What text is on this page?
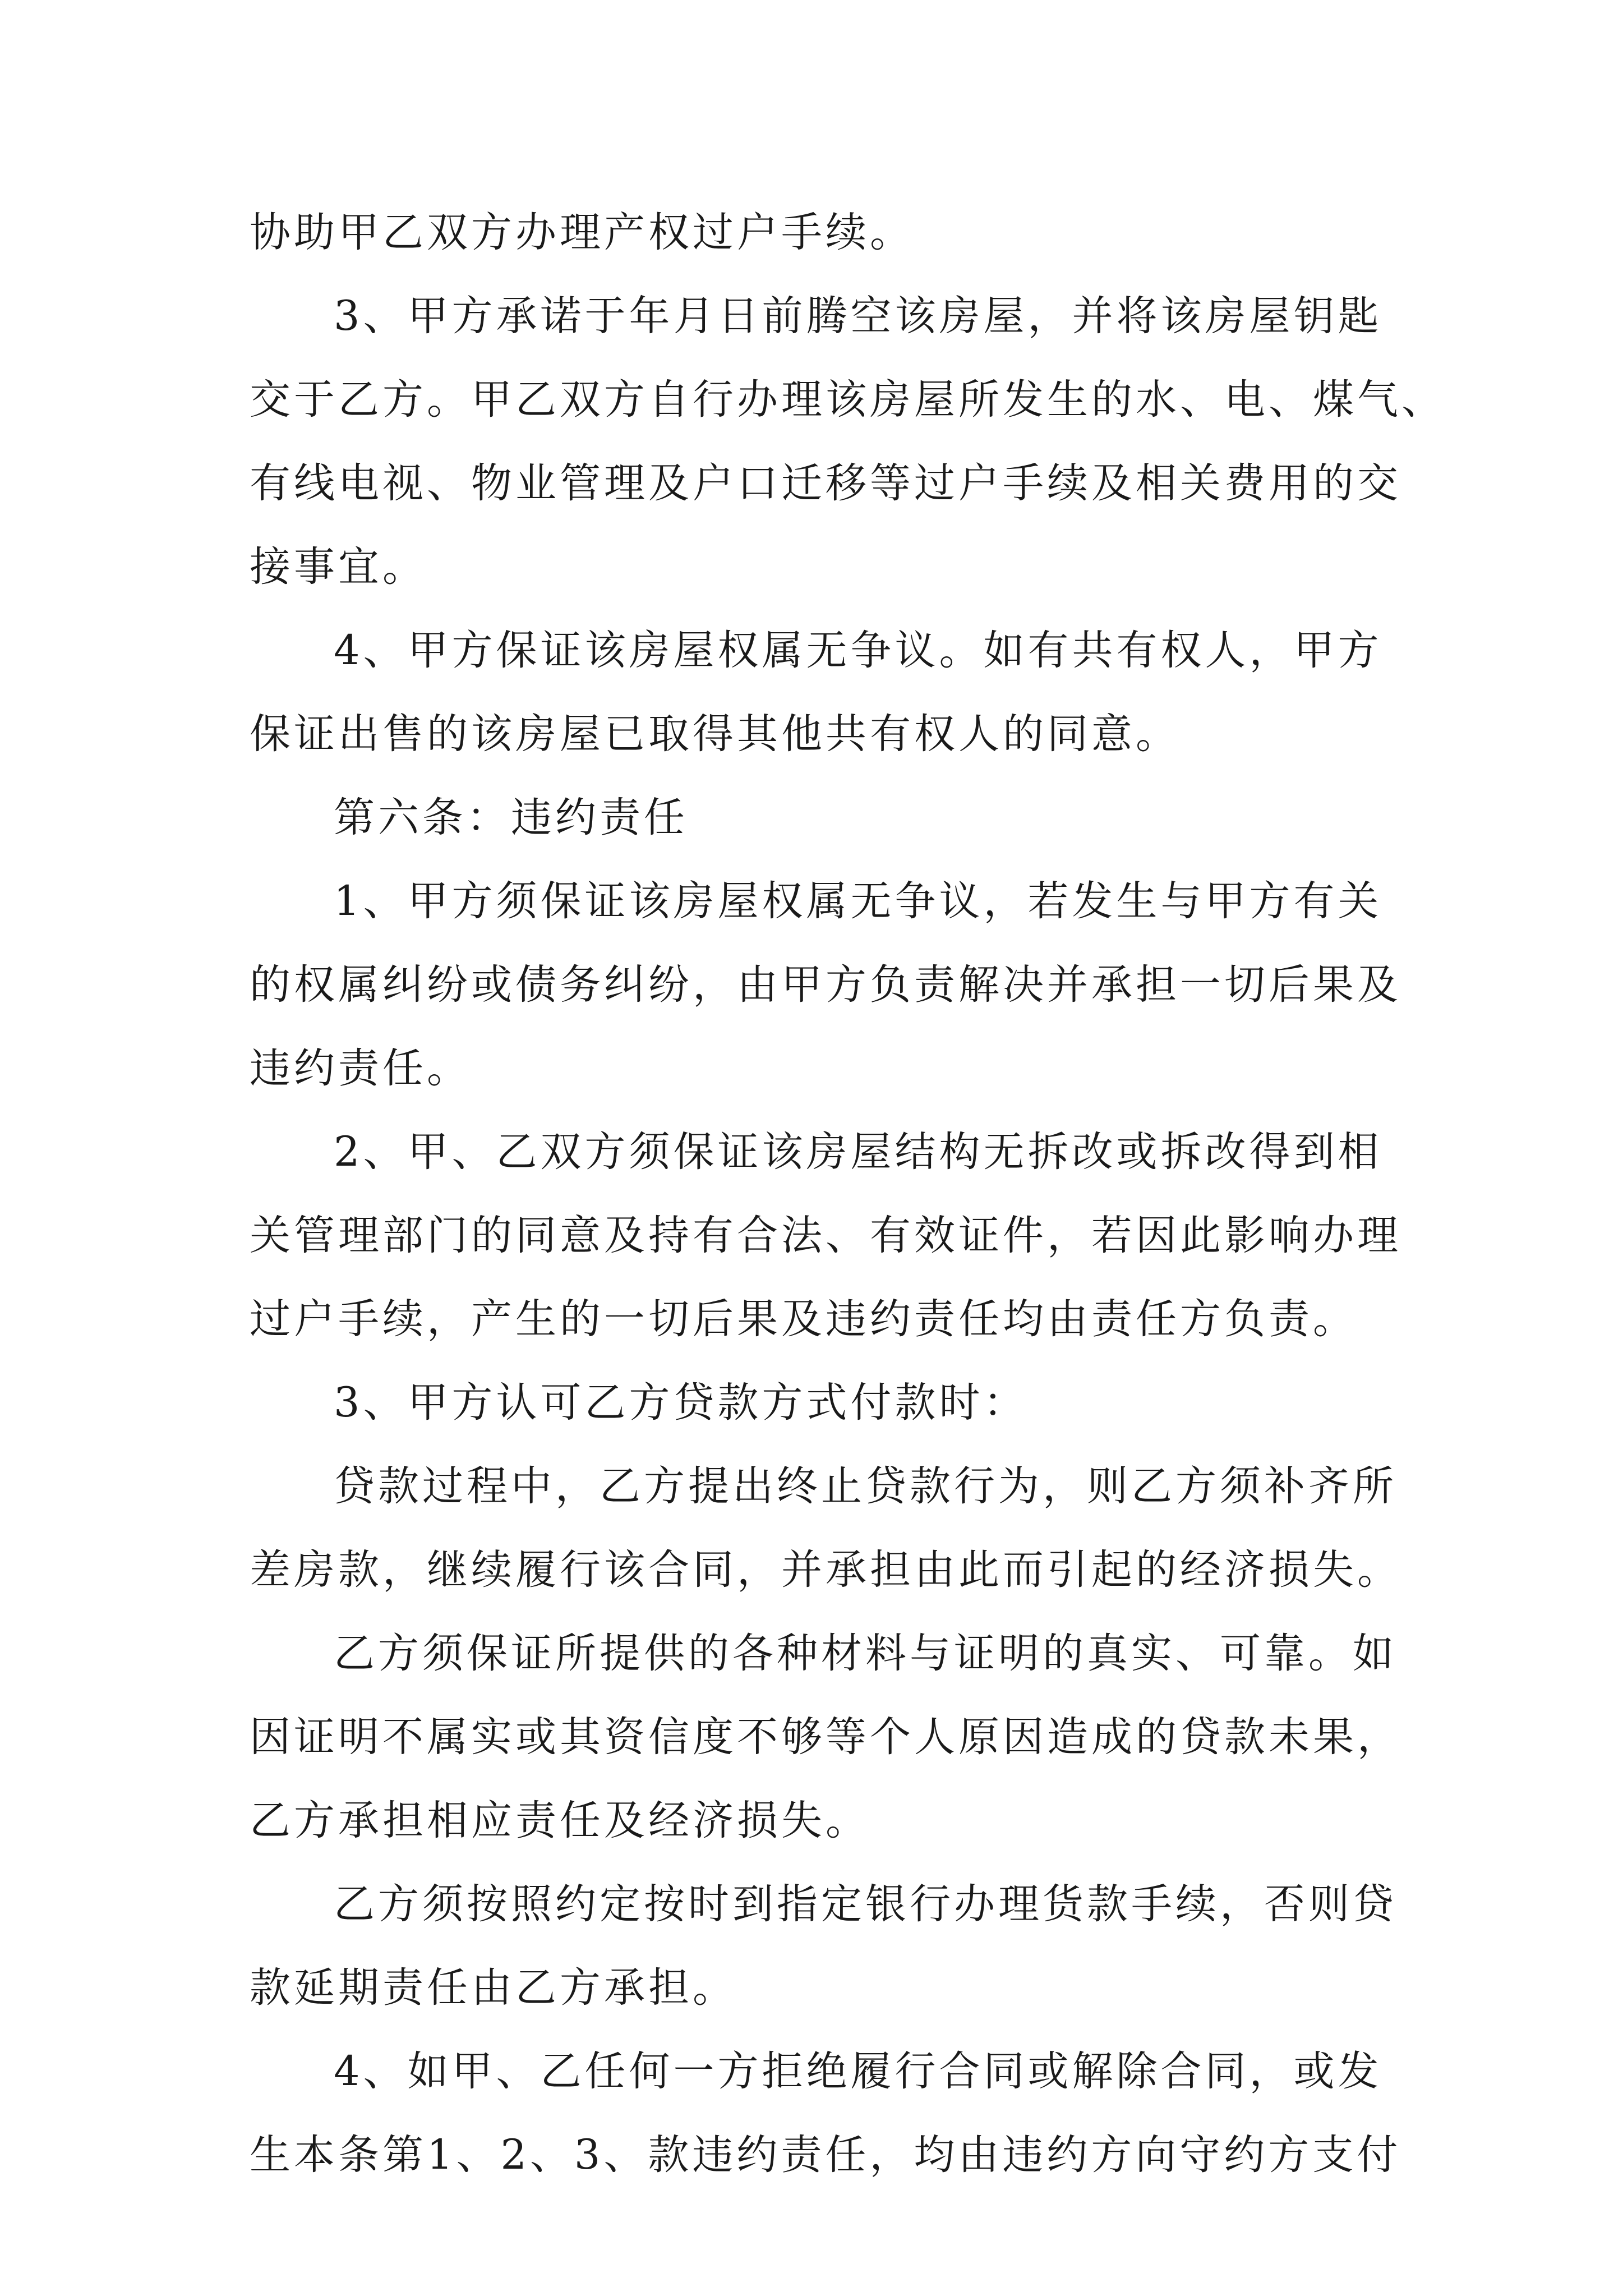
协助甲乙双方办理产权过户手续。

3、甲方承诺于年月日前腾空该房屋，并将该房屋钥匙
交于乙方。甲乙双方自行办理该房屋所发生的水、电、煤气、
有线电视、物业管理及户口迁移等过户手续及相关费用的交
接事宜。

4、甲方保证该房屋权属无争议。如有共有权人，甲方
保证出售的该房屋已取得其他共有权人的同意。

第六条：违约责任

1、甲方须保证该房屋权属无争议，若发生与甲方有关
的权属纠纷或债务纠纷，由甲方负责解决并承担一切后果及
违约责任。

2、甲、乙双方须保证该房屋结构无拆改或拆改得到相
关管理部门的同意及持有合法、有效证件，若因此影响办理
过户手续，产生的一切后果及违约责任均由责任方负责。

3、甲方认可乙方贷款方式付款时：

贷款过程中，乙方提出终止贷款行为，则乙方须补齐所
差房款，继续履行该合同，并承担由此而引起的经济损失。

乙方须保证所提供的各种材料与证明的真实、可靠。如
因证明不属实或其资信度不够等个人原因造成的贷款未果，
乙方承担相应责任及经济损失。

乙方须按照约定按时到指定银行办理货款手续，否则贷
款延期责任由乙方承担。

4、如甲、乙任何一方拒绝履行合同或解除合同，或发
生本条第1、2、3、款违约责任，均由违约方向守约方支付
